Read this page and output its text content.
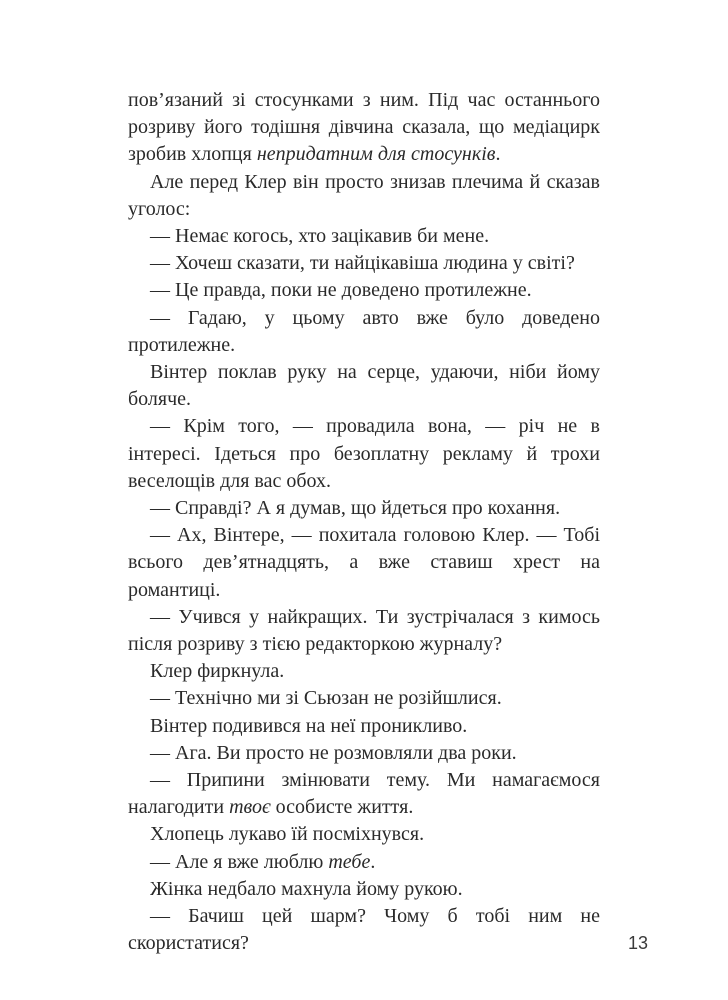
пов’язаний зі стосунками з ним. Під час останнього розриву його тодішня дівчина сказала, що медіацирк зробив хлопця непридатним для стосунків.

Але перед Клер він просто знизав плечима й сказав уголос:

— Немає когось, хто зацікавив би мене.

— Хочеш сказати, ти найцікавіша людина у світі?

— Це правда, поки не доведено протилежне.

— Гадаю, у цьому авто вже було доведено протилежне.

Вінтер поклав руку на серце, удаючи, ніби йому боляче.

— Крім того, — провадила вона, — річ не в інтересі. Ідеться про безоплатну рекламу й трохи веселощів для вас обох.

— Справді? А я думав, що йдеться про кохання.

— Ах, Вінтере, — похитала головою Клер. — Тобі всього дев’ятнадцять, а вже ставиш хрест на романтиці.

— Учився у найкращих. Ти зустрічалася з кимось після розриву з тією редакторкою журналу?

Клер фиркнула.

— Технічно ми зі Сьюзан не розійшлися.

Вінтер подивився на неї проникливо.

— Ага. Ви просто не розмовляли два роки.

— Припини змінювати тему. Ми намагаємося налагодити твоє особисте життя.

Хлопець лукаво їй посміхнувся.

— Але я вже люблю тебе.

Жінка недбало махнула йому рукою.

— Бачиш цей шарм? Чому б тобі ним не скористатися?	13
